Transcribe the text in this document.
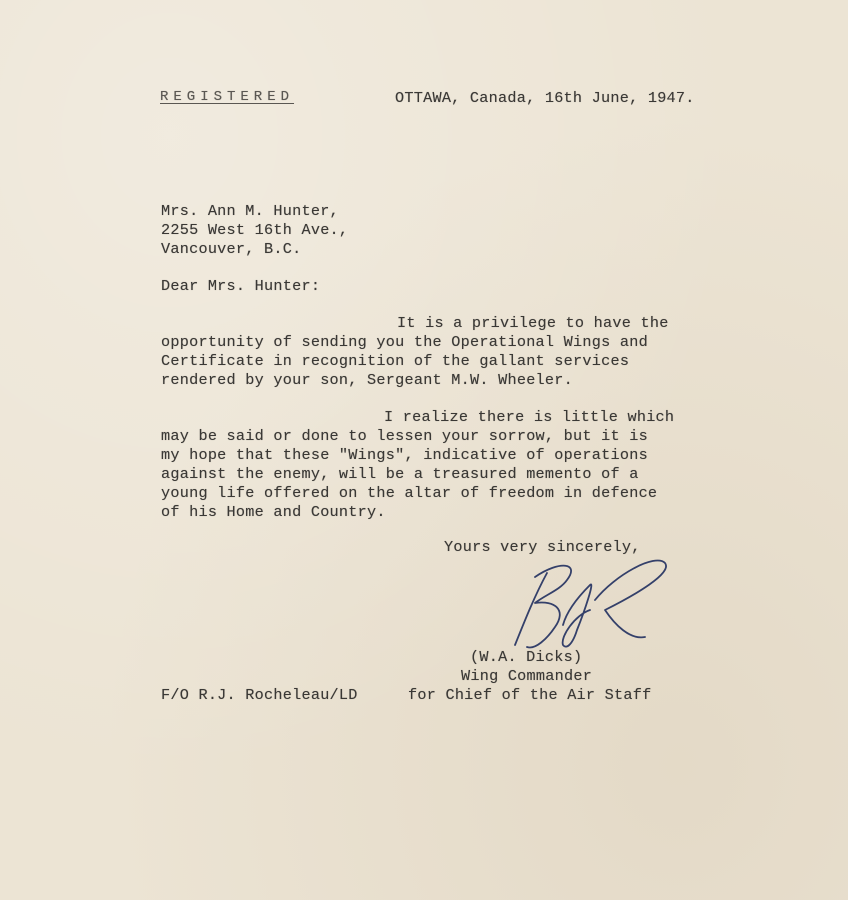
REGISTERED	OTTAWA, Canada, 16th June, 1947.
Mrs. Ann M. Hunter,
2255 West 16th Ave.,
Vancouver, B.C.
Dear Mrs. Hunter:
It is a privilege to have the
opportunity of sending you the Operational Wings and
Certificate in recognition of the gallant services
rendered by your son, Sergeant M.W. Wheeler.
I realize there is little which
may be said or done to lessen your sorrow, but it is
my hope that these "Wings", indicative of operations
against the enemy, will be a treasured memento of a
young life offered on the altar of freedom in defence
of his Home and Country.
Yours very sincerely,
(W.A. Dicks)
Wing Commander
for Chief of the Air Staff
F/O R.J. Rocheleau/LD
